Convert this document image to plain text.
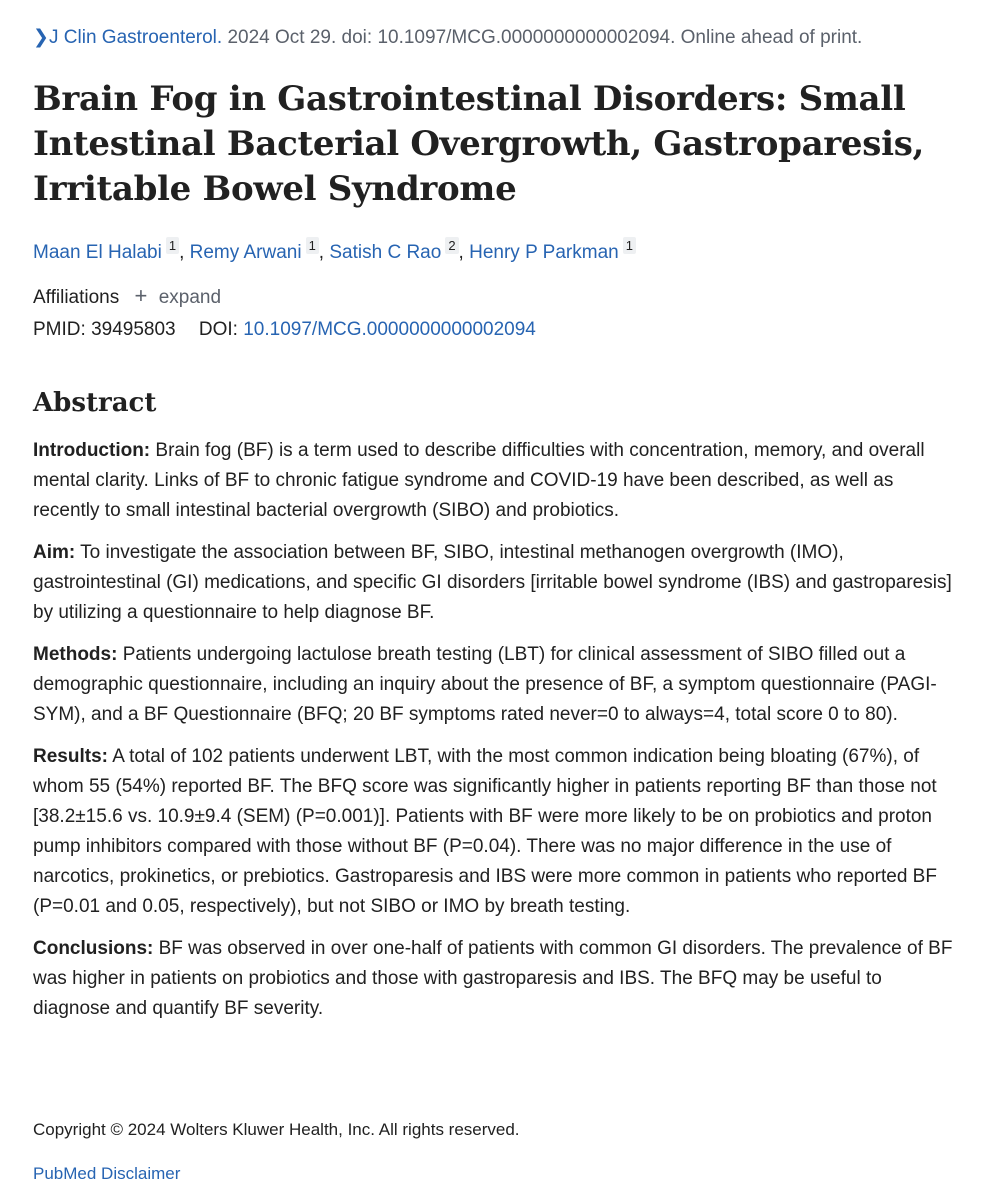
❯J Clin Gastroenterol. 2024 Oct 29. doi: 10.1097/MCG.0000000000002094. Online ahead of print.
Brain Fog in Gastrointestinal Disorders: Small Intestinal Bacterial Overgrowth, Gastroparesis, Irritable Bowel Syndrome
Maan El Halabi $^1$ , Remy Arwani $^1$ , Satish C Rao $^2$ , Henry P Parkman $^1$
Affiliations + expand
PMID: 39495803 DOI: 10.1097/MCG.0000000000002094
Abstract

Introduction: Brain fog (BF) is a term used to describe difficulties with concentration, memory, and overall mental clarity. Links of BF to chronic fatigue syndrome and COVID-19 have been described, as well as recently to small intestinal bacterial overgrowth (SIBO) and probiotics.

Aim: To investigate the association between BF, SIBO, intestinal methanogen overgrowth (IMO), gastrointestinal (GI) medications, and specific GI disorders [irritable bowel syndrome (IBS) and gastroparesis] by utilizing a questionnaire to help diagnose BF.

Methods: Patients undergoing lactulose breath testing (LBT) for clinical assessment of SIBO filled out a demographic questionnaire, including an inquiry about the presence of BF, a symptom questionnaire (PAGI-SYM), and a BF Questionnaire (BFQ; 20 BF symptoms rated never=0 to always=4, total score 0 to 80).

Results: A total of 102 patients underwent LBT, with the most common indication being bloating (67%), of whom 55 (54%) reported BF. The BFQ score was significantly higher in patients reporting BF than those not [38.2±15.6 vs. 10.9±9.4 (SEM) (P=0.001)]. Patients with BF were more likely to be on probiotics and proton pump inhibitors compared with those without BF (P=0.04). There was no major difference in the use of narcotics, prokinetics, or prebiotics. Gastroparesis and IBS were more common in patients who reported BF (P=0.01 and 0.05, respectively), but not SIBO or IMO by breath testing.

Conclusions: BF was observed in over one-half of patients with common GI disorders. The prevalence of BF was higher in patients on probiotics and those with gastroparesis and IBS. The BFQ may be useful to diagnose and quantify BF severity.

Copyright © 2024 Wolters Kluwer Health, Inc. All rights reserved.
PubMed Disclaimer
